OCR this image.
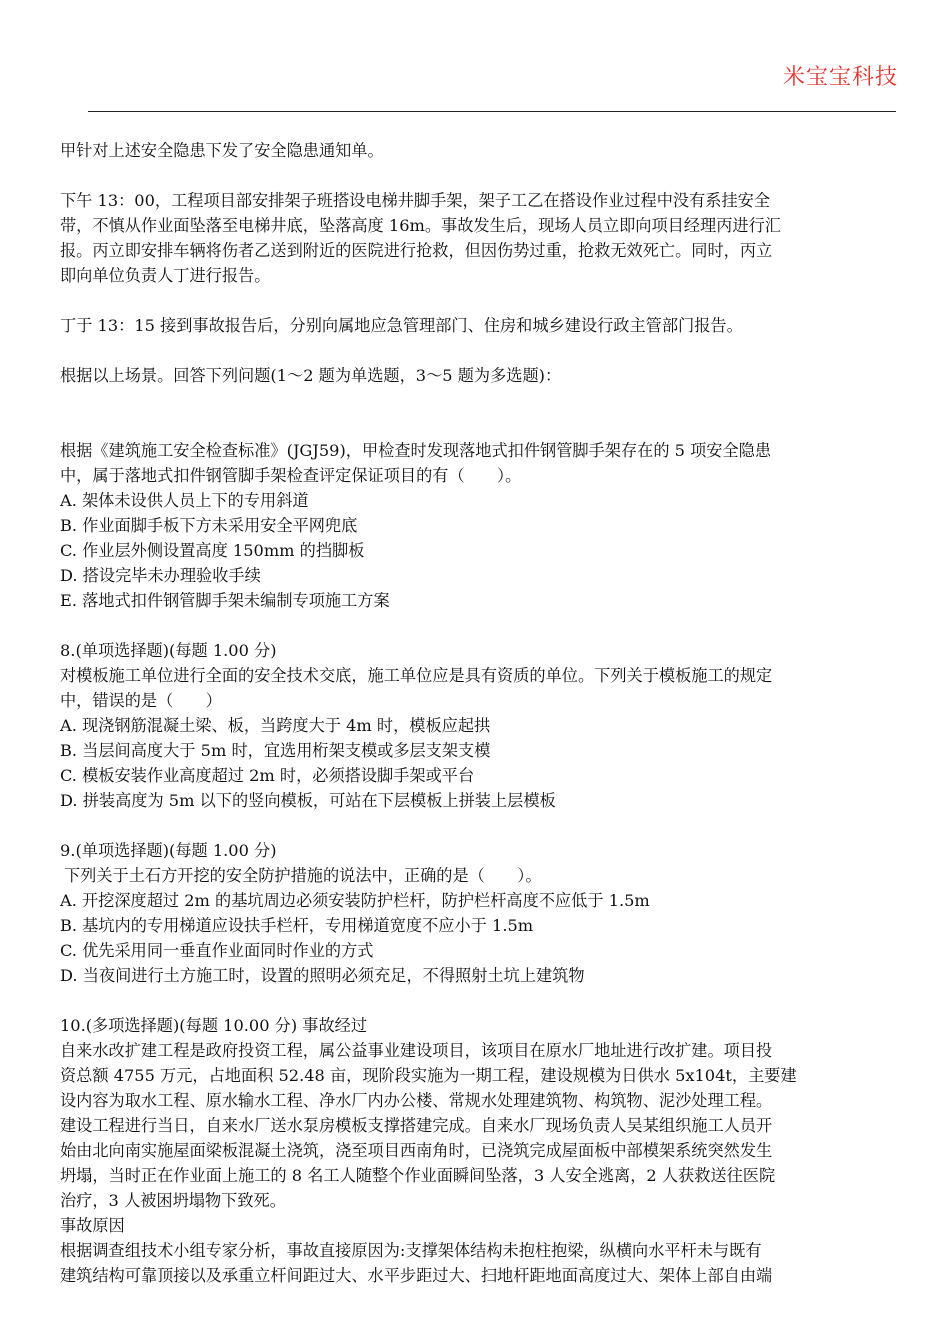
米宝宝科技

甲针对上述安全隐患下发了安全隐患通知单。

下午 13：00，工程项目部安排架子班搭设电梯井脚手架，架子工乙在搭设作业过程中没有系挂安全

带，不慎从作业面坠落至电梯井底，坠落高度 16m。事故发生后，现场人员立即向项目经理丙进行汇

报。丙立即安排车辆将伤者乙送到附近的医院进行抢救，但因伤势过重，抢救无效死亡。同时，丙立

即向单位负责人丁进行报告。

丁于 13：15 接到事故报告后，分别向属地应急管理部门、住房和城乡建设行政主管部门报告。

根据以上场景。回答下列问题(1～2 题为单选题，3～5 题为多选题)：

根据《建筑施工安全检查标准》(JGJ59)，甲检查时发现落地式扣件钢管脚手架存在的 5 项安全隐患

中，属于落地式扣件钢管脚手架检查评定保证项目的有（　　）。

A. 架体未设供人员上下的专用斜道

B. 作业面脚手板下方未采用安全平网兜底

C. 作业层外侧设置高度 150mm 的挡脚板

D. 搭设完毕未办理验收手续

E. 落地式扣件钢管脚手架未编制专项施工方案

8.(单项选择题)(每题 1.00 分)

对模板施工单位进行全面的安全技术交底，施工单位应是具有资质的单位。下列关于模板施工的规定

中，错误的是（　　）

A. 现浇钢筋混凝土梁、板，当跨度大于 4m 时，模板应起拱

B. 当层间高度大于 5m 时，宜选用桁架支模或多层支架支模

C. 模板安装作业高度超过 2m 时，必须搭设脚手架或平台

D. 拼装高度为 5m 以下的竖向模板，可站在下层模板上拼装上层模板

9.(单项选择题)(每题 1.00 分)

下列关于土石方开挖的安全防护措施的说法中，正确的是（　　）。

A. 开挖深度超过 2m 的基坑周边必须安装防护栏杆，防护栏杆高度不应低于 1.5m

B. 基坑内的专用梯道应设扶手栏杆，专用梯道宽度不应小于 1.5m

C. 优先采用同一垂直作业面同时作业的方式

D. 当夜间进行土方施工时，设置的照明必须充足，不得照射土坑上建筑物

10.(多项选择题)(每题 10.00 分) 事故经过

自来水改扩建工程是政府投资工程，属公益事业建设项目，该项目在原水厂地址进行改扩建。项目投

资总额 4755 万元，占地面积 52.48 亩，现阶段实施为一期工程，建设规模为日供水 5x104t，主要建

设内容为取水工程、原水输水工程、净水厂内办公楼、常规水处理建筑物、构筑物、泥沙处理工程。

建设工程进行当日，自来水厂送水泵房模板支撑搭建完成。自来水厂现场负责人吴某组织施工人员开

始由北向南实施屋面梁板混凝土浇筑，浇至项目西南角时，已浇筑完成屋面板中部模架系统突然发生

坍塌，当时正在作业面上施工的 8 名工人随整个作业面瞬间坠落，3 人安全逃离，2 人获救送往医院

治疗，3 人被困坍塌物下致死。

事故原因

根据调查组技术小组专家分析，事故直接原因为:支撑架体结构未抱柱抱梁，纵横向水平杆未与既有

建筑结构可靠顶接以及承重立杆间距过大、水平步距过大、扫地杆距地面高度过大、架体上部自由端
